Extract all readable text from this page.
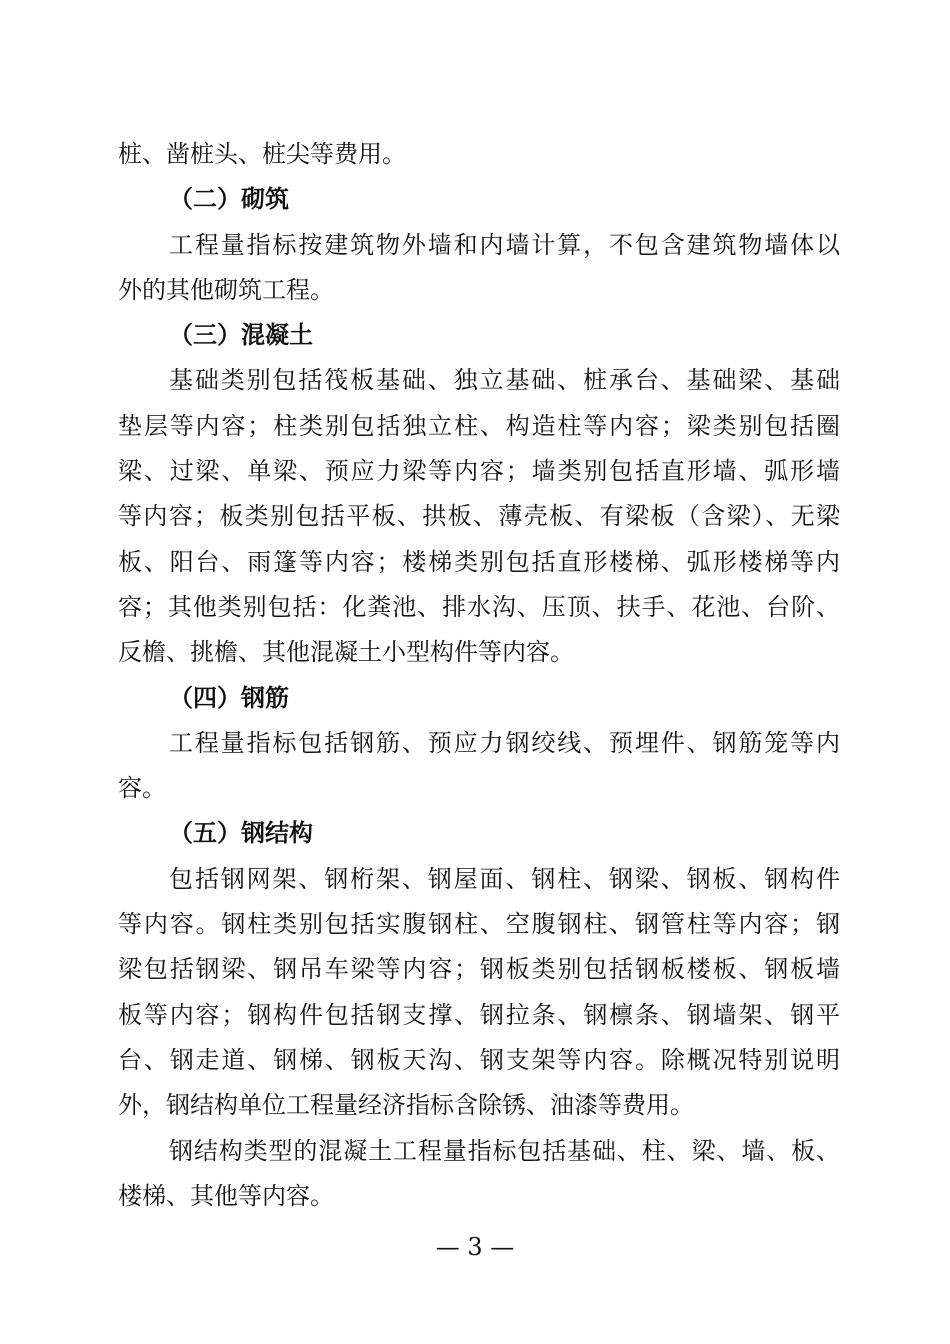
桩、凿桩头、桩尖等费用。
（二）砌筑
工程量指标按建筑物外墙和内墙计算，不包含建筑物墙体以
外的其他砌筑工程。
（三）混凝土
基础类别包括筏板基础、独立基础、桩承台、基础梁、基础
垫层等内容；柱类别包括独立柱、构造柱等内容；梁类别包括圈
梁、过梁、单梁、预应力梁等内容；墙类别包括直形墙、弧形墙
等内容；板类别包括平板、拱板、薄壳板、有梁板（含梁）、无梁
板、阳台、雨篷等内容；楼梯类别包括直形楼梯、弧形楼梯等内
容；其他类别包括：化粪池、排水沟、压顶、扶手、花池、台阶、
反檐、挑檐、其他混凝土小型构件等内容。
（四）钢筋
工程量指标包括钢筋、预应力钢绞线、预埋件、钢筋笼等内
容。
（五）钢结构
包括钢网架、钢桁架、钢屋面、钢柱、钢梁、钢板、钢构件
等内容。钢柱类别包括实腹钢柱、空腹钢柱、钢管柱等内容；钢
梁包括钢梁、钢吊车梁等内容；钢板类别包括钢板楼板、钢板墙
板等内容；钢构件包括钢支撑、钢拉条、钢檩条、钢墙架、钢平
台、钢走道、钢梯、钢板天沟、钢支架等内容。除概况特别说明
外，钢结构单位工程量经济指标含除锈、油漆等费用。
钢结构类型的混凝土工程量指标包括基础、柱、梁、墙、板、
楼梯、其他等内容。
— 3 —
